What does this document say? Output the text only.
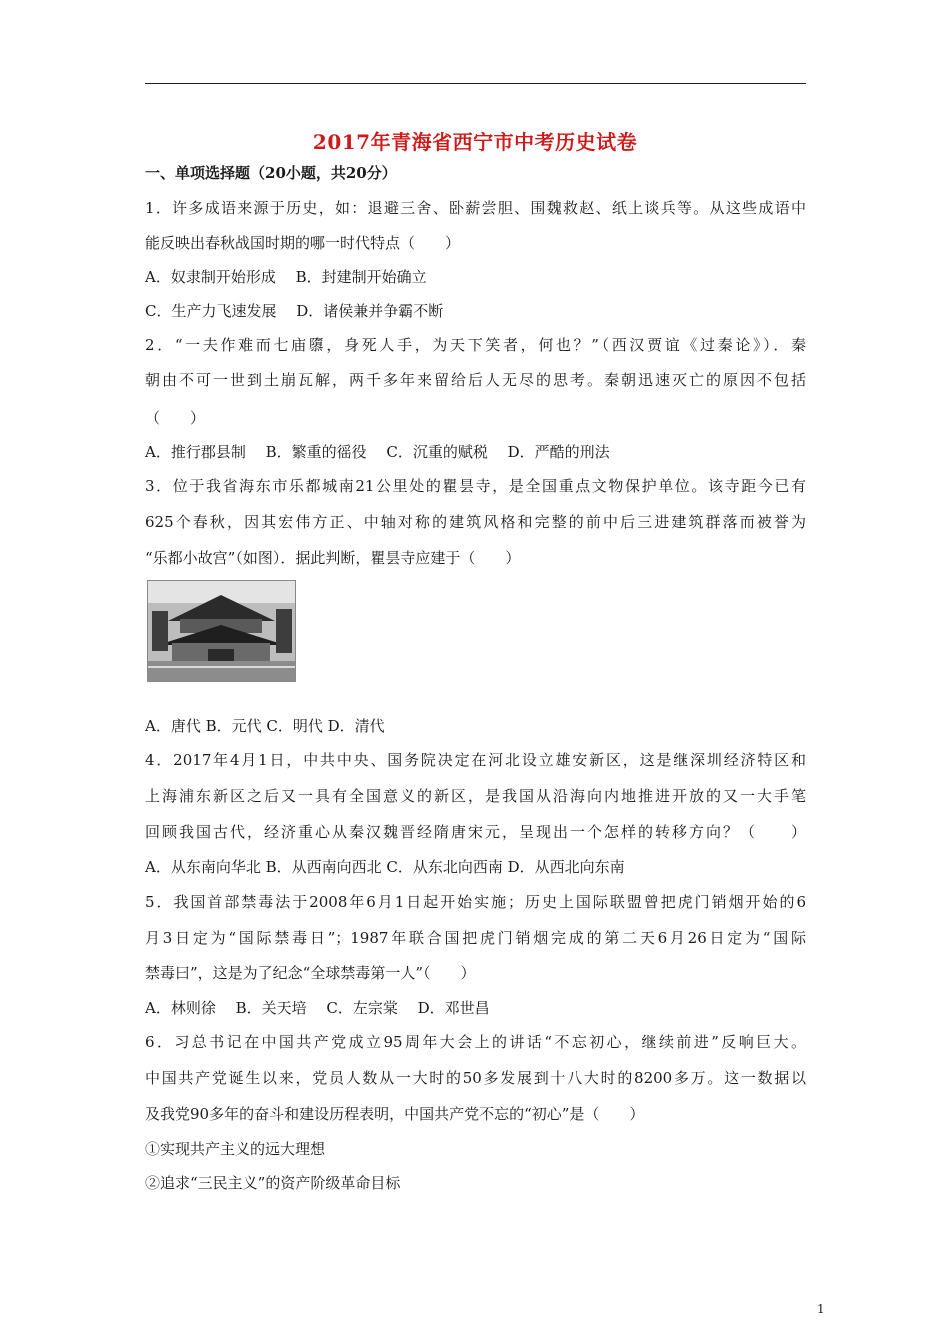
2017年青海省西宁市中考历史试卷
一、单项选择题（20小题，共20分）
1．许多成语来源于历史，如：退避三舍、卧薪尝胆、围魏救赵、纸上谈兵等。从这些成语中
能反映出春秋战国时期的哪一时代特点（　　）
A．奴隶制开始形成　 B．封建制开始确立
C．生产力飞速发展　 D．诸侯兼并争霸不断
2．“一夫作难而七庙隳，身死人手，为天下笑者，何也？”（西汉贾谊《过秦论》）．秦
朝由不可一世到土崩瓦解，两千多年来留给后人无尽的思考。秦朝迅速灭亡的原因不包括
（　　）
A．推行郡县制　 B．繁重的徭役　 C．沉重的赋税　 D．严酷的刑法
3．位于我省海东市乐都城南21公里处的瞿昙寺，是全国重点文物保护单位。该寺距今已有
625个春秋，因其宏伟方正、中轴对称的建筑风格和完整的前中后三进建筑群落而被誉为
“乐都小故宫”（如图）．据此判断，瞿昙寺应建于（　　）
A．唐代 B．元代 C．明代 D．清代
4．2017年4月1日，中共中央、国务院决定在河北设立雄安新区，这是继深圳经济特区和
上海浦东新区之后又一具有全国意义的新区，是我国从沿海向内地推进开放的又一大手笔
回顾我国古代，经济重心从秦汉魏晋经隋唐宋元，呈现出一个怎样的转移方向？（　　）
A．从东南向华北 B．从西南向西北 C．从东北向西南 D．从西北向东南
5．我国首部禁毒法于2008年6月1日起开始实施；历史上国际联盟曾把虎门销烟开始的6
月3日定为“国际禁毒日”；1987年联合国把虎门销烟完成的第二天6月26日定为“国际
禁毒曰”，这是为了纪念“全球禁毒第一人”（　　）
A．林则徐　 B．关天培　 C．左宗棠　 D．邓世昌
6．习总书记在中国共产党成立95周年大会上的讲话“不忘初心，继续前进”反响巨大。
中国共产党诞生以来，党员人数从一大时的50多发展到十八大时的8200多万。这一数据以
及我党90多年的奋斗和建设历程表明，中国共产党不忘的“初心”是（　　）
①实现共产主义的远大理想
②追求“三民主义”的资产阶级革命目标
1
